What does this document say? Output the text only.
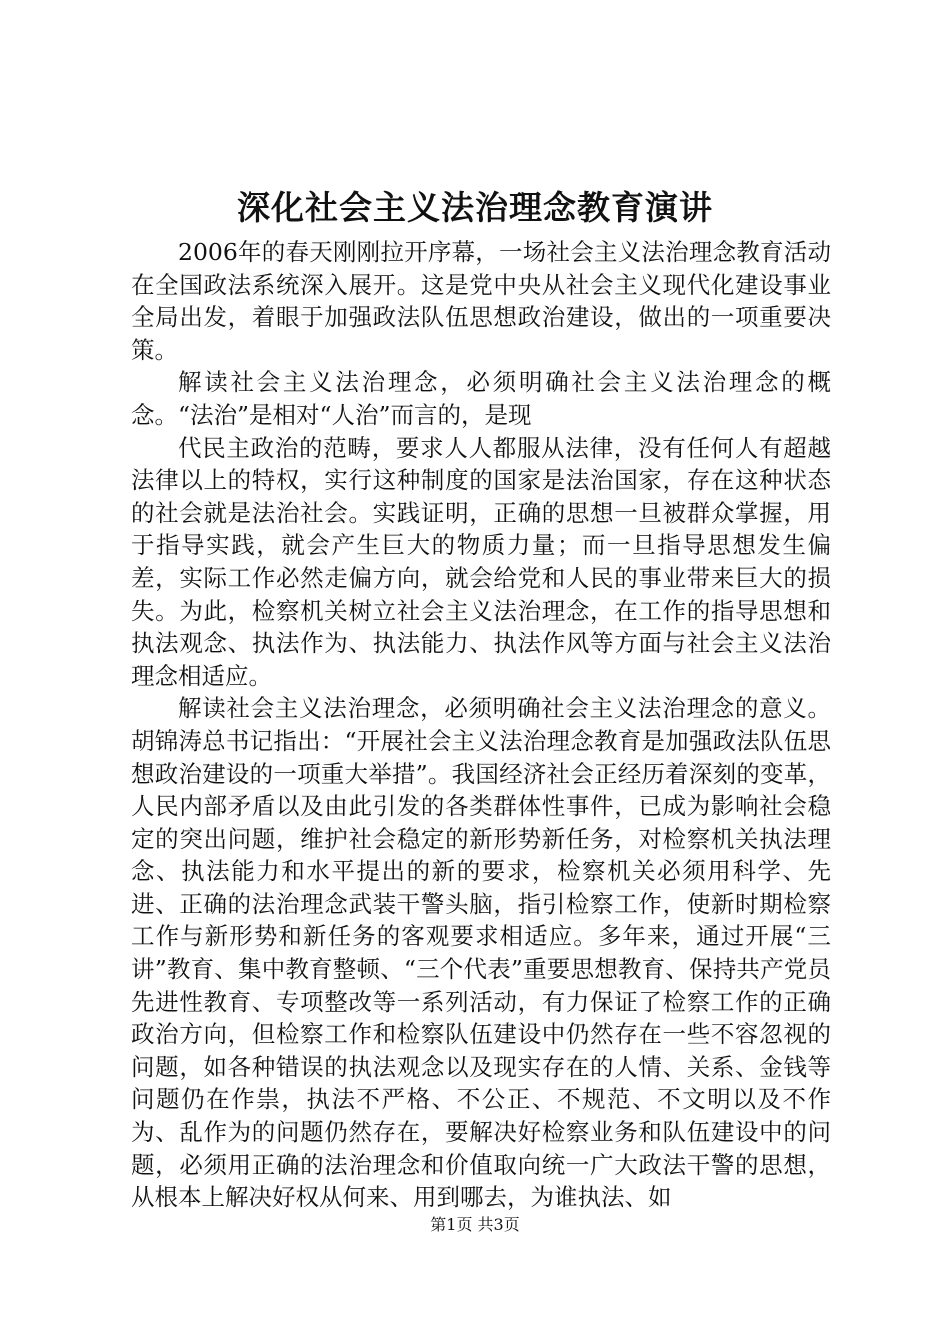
深化社会主义法治理念教育演讲

2006年的春天刚刚拉开序幕，一场社会主义法治理念教育活动在全国政法系统深入展开。这是党中央从社会主义现代化建设事业全局出发，着眼于加强政法队伍思想政治建设，做出的一项重要决策。

解读社会主义法治理念，必须明确社会主义法治理念的概念。“法治”是相对“人治”而言的，是现

代民主政治的范畴，要求人人都服从法律，没有任何人有超越法律以上的特权，实行这种制度的国家是法治国家，存在这种状态的社会就是法治社会。实践证明，正确的思想一旦被群众掌握，用于指导实践，就会产生巨大的物质力量；而一旦指导思想发生偏差，实际工作必然走偏方向，就会给党和人民的事业带来巨大的损失。为此，检察机关树立社会主义法治理念，在工作的指导思想和执法观念、执法作为、执法能力、执法作风等方面与社会主义法治理念相适应。

解读社会主义法治理念，必须明确社会主义法治理念的意义。胡锦涛总书记指出：“开展社会主义法治理念教育是加强政法队伍思想政治建设的一项重大举措”。我国经济社会正经历着深刻的变革，人民内部矛盾以及由此引发的各类群体性事件，已成为影响社会稳定的突出问题，维护社会稳定的新形势新任务，对检察机关执法理念、执法能力和水平提出的新的要求，检察机关必须用科学、先进、正确的法治理念武装干警头脑，指引检察工作，使新时期检察工作与新形势和新任务的客观要求相适应。多年来，通过开展“三讲”教育、集中教育整顿、“三个代表”重要思想教育、保持共产党员先进性教育、专项整改等一系列活动，有力保证了检察工作的正确政治方向，但检察工作和检察队伍建设中仍然存在一些不容忽视的问题，如各种错误的执法观念以及现实存在的人情、关系、金钱等问题仍在作祟，执法不严格、不公正、不规范、不文明以及不作为、乱作为的问题仍然存在，要解决好检察业务和队伍建设中的问题，必须用正确的法治理念和价值取向统一广大政法干警的思想，从根本上解决好权从何来、用到哪去，为谁执法、如

第1页 共3页
